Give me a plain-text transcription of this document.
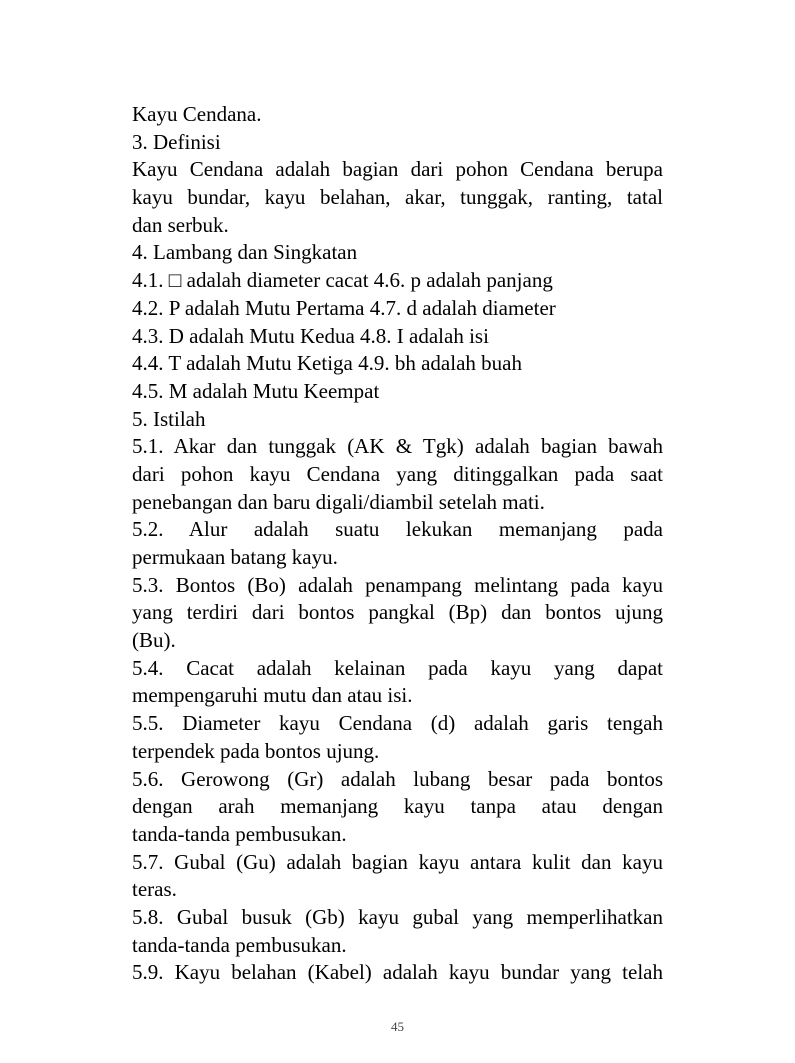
Kayu Cendana.
3. Definisi
Kayu Cendana adalah bagian dari pohon Cendana berupa
kayu bundar, kayu belahan, akar, tunggak, ranting, tatal
dan serbuk.
4. Lambang dan Singkatan
4.1. □ adalah diameter cacat 4.6. p adalah panjang
4.2. P adalah Mutu Pertama 4.7. d adalah diameter
4.3. D adalah Mutu Kedua 4.8. I adalah isi
4.4. T adalah Mutu Ketiga 4.9. bh adalah buah
4.5. M adalah Mutu Keempat
5. Istilah
5.1. Akar dan tunggak (AK & Tgk) adalah bagian bawah
dari pohon kayu Cendana yang ditinggalkan pada saat
penebangan dan baru digali/diambil setelah mati.
5.2. Alur adalah suatu lekukan memanjang pada
permukaan batang kayu.
5.3. Bontos (Bo) adalah penampang melintang pada kayu
yang terdiri dari bontos pangkal (Bp) dan bontos ujung
(Bu).
5.4. Cacat adalah kelainan pada kayu yang dapat
mempengaruhi mutu dan atau isi.
5.5. Diameter kayu Cendana (d) adalah garis tengah
terpendek pada bontos ujung.
5.6. Gerowong (Gr) adalah lubang besar pada bontos
dengan arah memanjang kayu tanpa atau dengan
tanda-tanda pembusukan.
5.7. Gubal (Gu) adalah bagian kayu antara kulit dan kayu
teras.
5.8. Gubal busuk (Gb) kayu gubal yang memperlihatkan
tanda-tanda pembusukan.
5.9. Kayu belahan (Kabel) adalah kayu bundar yang telah
45
